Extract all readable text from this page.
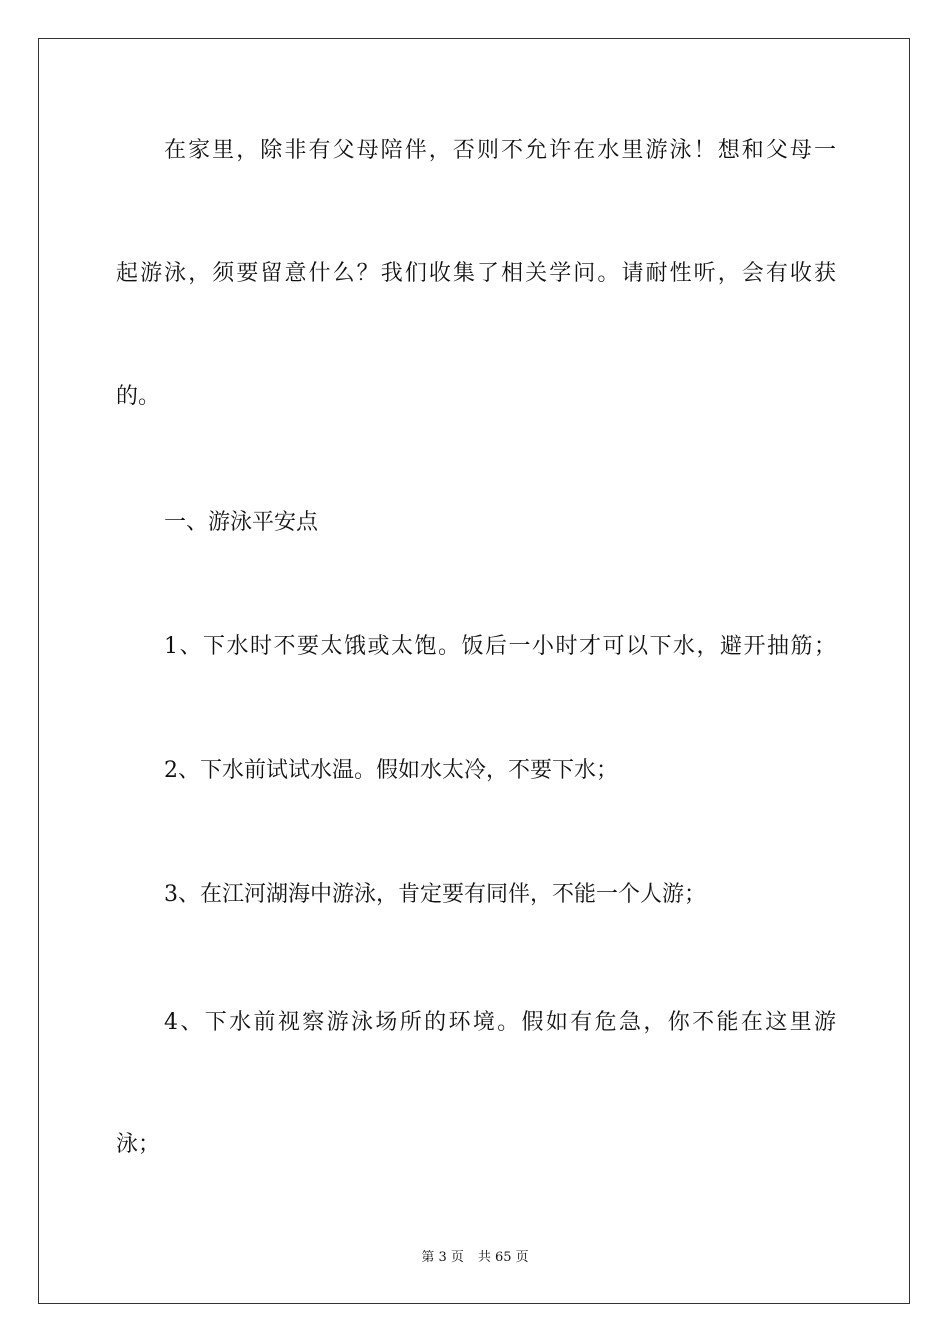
在家里，除非有父母陪伴，否则不允许在水里游泳！想和父母一

起游泳，须要留意什么？我们收集了相关学问。请耐性听，会有收获

的。

一、游泳平安点

1、下水时不要太饿或太饱。饭后一小时才可以下水，避开抽筋；

2、下水前试试水温。假如水太冷，不要下水；

3、在江河湖海中游泳，肯定要有同伴，不能一个人游；

4、下水前视察游泳场所的环境。假如有危急，你不能在这里游

泳；

第 3 页 共 65 页
